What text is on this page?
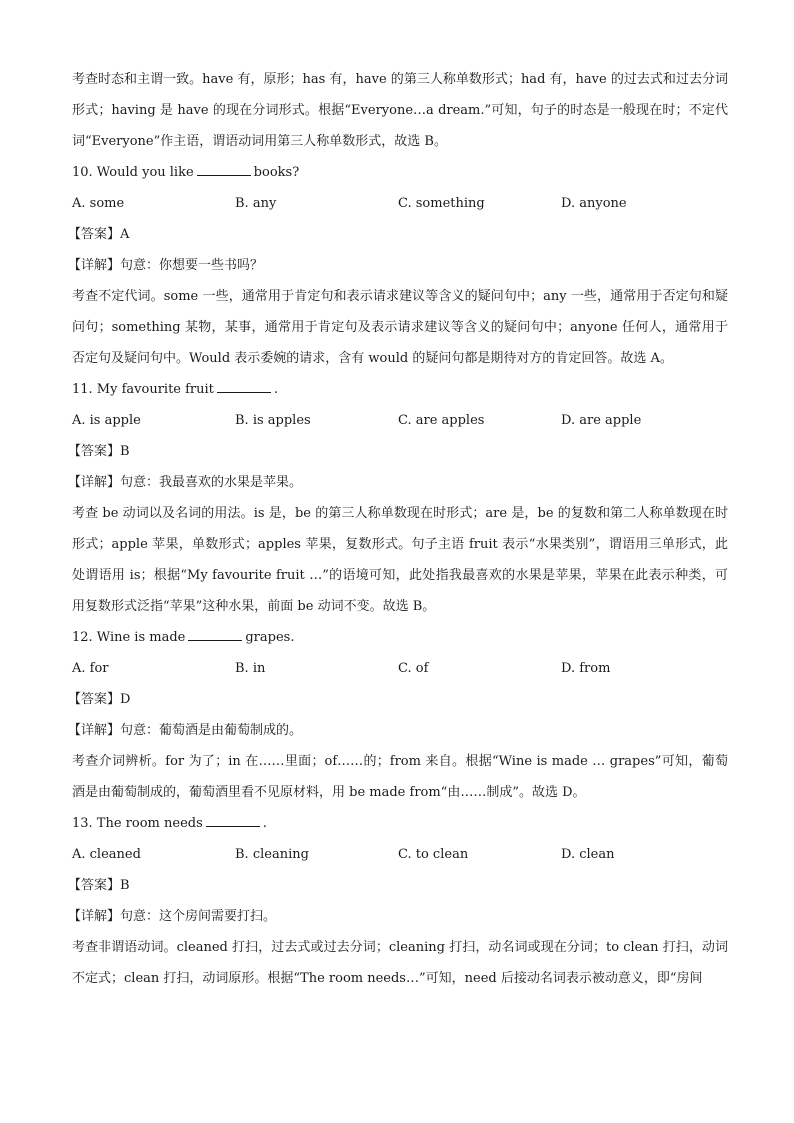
考查时态和主谓一致。have 有，原形；has 有，have 的第三人称单数形式；had 有，have 的过去式和过去分词形式；having 是 have 的现在分词形式。根据“Everyone…a dream.”可知，句子的时态是一般现在时；不定代词“Everyone”作主语，谓语动词用第三人称单数形式，故选 B。
10. Would you like	books?
A. some	B. any	C. something	D. anyone
【答案】A
【详解】句意：你想要一些书吗？
考查不定代词。some 一些，通常用于肯定句和表示请求建议等含义的疑问句中；any 一些，通常用于否定句和疑问句；something 某物，某事，通常用于肯定句及表示请求建议等含义的疑问句中；anyone 任何人，通常用于否定句及疑问句中。Would 表示委婉的请求，含有 would 的疑问句都是期待对方的肯定回答。故选 A。
11. My favourite fruit	.
A. is apple	B. is apples	C. are apples	D. are apple
【答案】B
【详解】句意：我最喜欢的水果是苹果。
考查 be 动词以及名词的用法。is 是，be 的第三人称单数现在时形式；are 是，be 的复数和第二人称单数现在时形式；apple 苹果，单数形式；apples 苹果，复数形式。句子主语 fruit 表示“水果类别”，谓语用三单形式，此处谓语用 is；根据“My favourite fruit …”的语境可知，此处指我最喜欢的水果是苹果，苹果在此表示种类，可用复数形式泛指“苹果”这种水果，前面 be 动词不变。故选 B。
12. Wine is made	grapes.
A. for	B. in	C. of	D. from
【答案】D
【详解】句意：葡萄酒是由葡萄制成的。
考查介词辨析。for 为了；in 在……里面；of……的；from 来自。根据“Wine is made … grapes”可知，葡萄酒是由葡萄制成的，葡萄酒里看不见原材料，用 be made from“由……制成”。故选 D。
13. The room needs	.
A. cleaned	B. cleaning	C. to clean	D. clean
【答案】B
【详解】句意：这个房间需要打扫。
考查非谓语动词。cleaned 打扫，过去式或过去分词；cleaning 打扫，动名词或现在分词；to clean 打扫，动词不定式；clean 打扫，动词原形。根据“The room needs…”可知，need 后接动名词表示被动意义，即“房间
